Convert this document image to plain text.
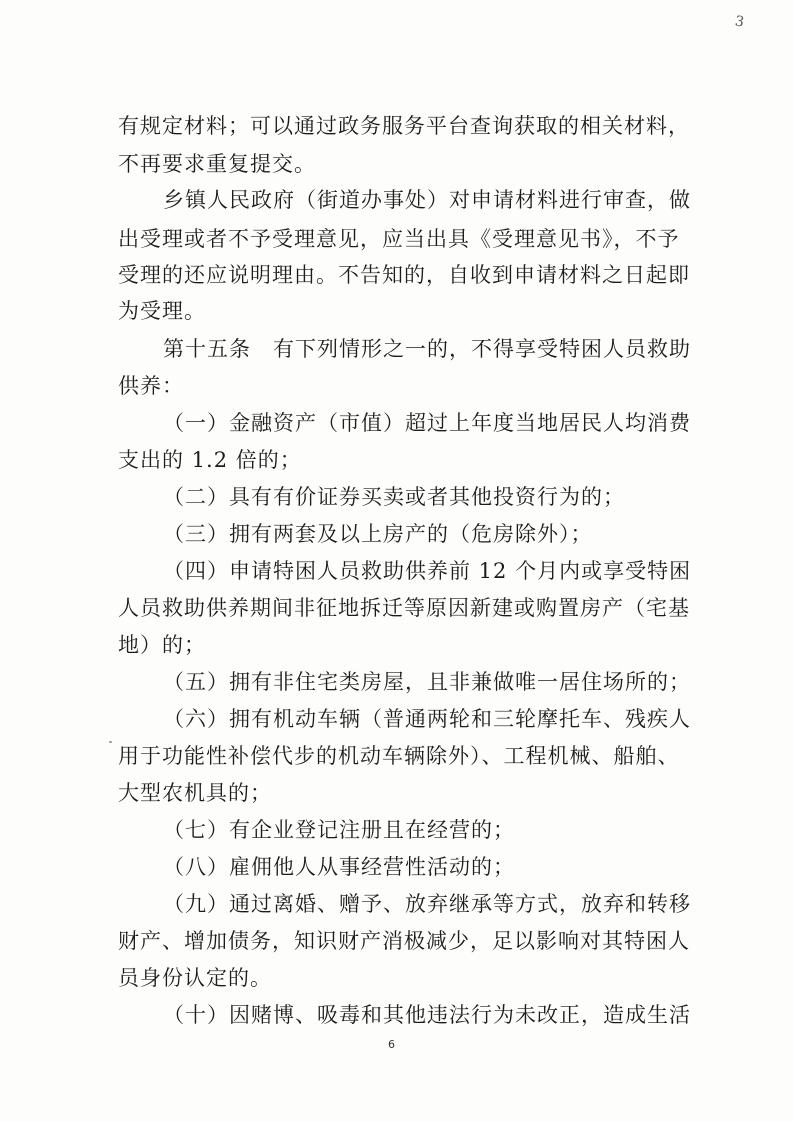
3
有规定材料；可以通过政务服务平台查询获取的相关材料，
不再要求重复提交。
乡镇人民政府（街道办事处）对申请材料进行审查，做
出受理或者不予受理意见，应当出具《受理意见书》，不予
受理的还应说明理由。不告知的，自收到申请材料之日起即
为受理。
第十五条　有下列情形之一的，不得享受特困人员救助
供养：
（一）金融资产（市值）超过上年度当地居民人均消费
支出的 1.2 倍的；
（二）具有有价证券买卖或者其他投资行为的；
（三）拥有两套及以上房产的（危房除外）；
（四）申请特困人员救助供养前 12 个月内或享受特困
人员救助供养期间非征地拆迁等原因新建或购置房产（宅基
地）的；
（五）拥有非住宅类房屋，且非兼做唯一居住场所的；
（六）拥有机动车辆（普通两轮和三轮摩托车、残疾人
用于功能性补偿代步的机动车辆除外）、工程机械、船舶、
大型农机具的；
（七）有企业登记注册且在经营的；
（八）雇佣他人从事经营性活动的；
（九）通过离婚、赠予、放弃继承等方式，放弃和转移
财产、增加债务，知识财产消极减少，足以影响对其特困人
员身份认定的。
（十）因赌博、吸毒和其他违法行为未改正，造成生活
6
